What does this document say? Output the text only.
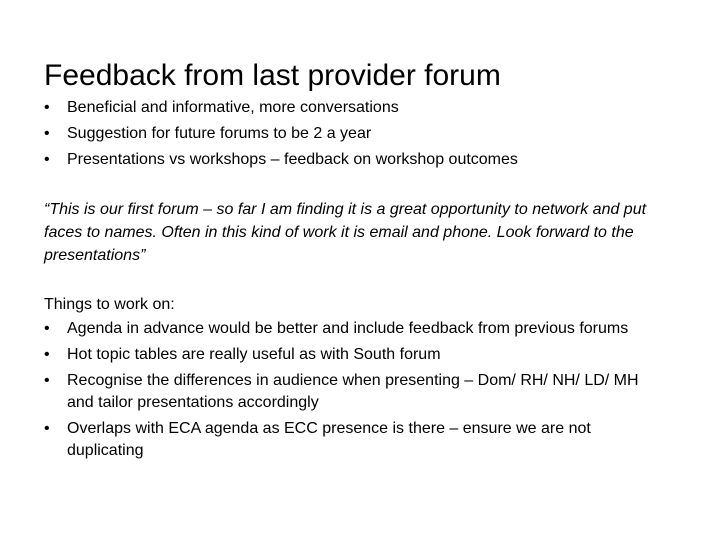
Feedback from last provider forum
• Beneficial and informative, more conversations
• Suggestion for future forums to be 2 a year
• Presentations vs workshops – feedback on workshop outcomes

“This is our first forum – so far I am finding it is a great opportunity to network and put faces to names. Often in this kind of work it is email and phone. Look forward to the presentations”

Things to work on:

• Agenda in advance would be better and include feedback from previous forums
• Hot topic tables are really useful as with South forum
• Recognise the differences in audience when presenting – Dom/ RH/ NH/ LD/ MH and tailor presentations accordingly
• Overlaps with ECA agenda as ECC presence is there – ensure we are not duplicating
